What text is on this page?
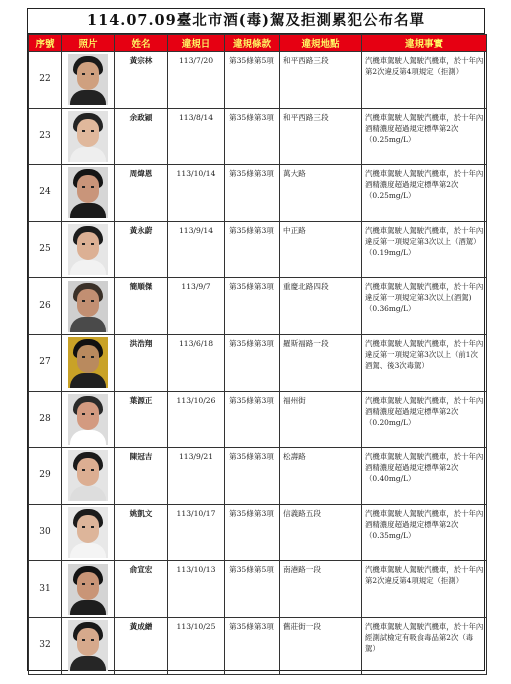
114.07.09臺北市酒(毒)駕及拒測累犯公布名單
序號	照片	姓名	違規日	違規條款	違規地點	違規事實
22		黃宗林	113/7/20	第35條第5項	和平西路三段	汽機車駕駛人駕駛汽機車，於十年內第2次違反第4項規定（拒測）
23		余政穎	113/8/14	第35條第3項	和平西路三段	汽機車駕駛人駕駛汽機車，於十年內酒精濃度超過規定標準第2次（0.25mg/L）
24		周煒恩	113/10/14	第35條第3項	萬大路	汽機車駕駛人駕駛汽機車，於十年內酒精濃度超過規定標準第2次（0.25mg/L）
25		黃永蔚	113/9/14	第35條第3項	中正路	汽機車駕駛人駕駛汽機車，於十年內違反第一項規定第3次以上（酒駕）（0.19mg/L）
26		簡順傑	113/9/7	第35條第3項	重慶北路四段	汽機車駕駛人駕駛汽機車，於十年內違反第一項規定第3次以上(酒駕)（0.36mg/L）
27		洪浩翔	113/6/18	第35條第3項	羅斯福路一段	汽機車駕駛人駕駛汽機車，於十年內違反第一項規定第3次以上（前1次酒駕、後3次毒駕）
28		葉源正	113/10/26	第35條第3項	福州街	汽機車駕駛人駕駛汽機車，於十年內酒精濃度超過規定標準第2次（0.20mg/L）
29		陳冠吉	113/9/21	第35條第3項	松壽路	汽機車駕駛人駕駛汽機車，於十年內酒精濃度超過規定標準第2次（0.40mg/L）
30		姚凱文	113/10/17	第35條第3項	信義路五段	汽機車駕駛人駕駛汽機車，於十年內酒精濃度超過規定標準第2次（0.35mg/L）
31		俞宣宏	113/10/13	第35條第5項	南港路一段	汽機車駕駛人駕駛汽機車，於十年內第2次違反第4項規定（拒測）
32		黃成繒	113/10/25	第35條第3項	舊莊街一段	汽機車駕駛人駕駛汽機車，於十年內經測試檢定有吸食毒品第2次（毒駕）
